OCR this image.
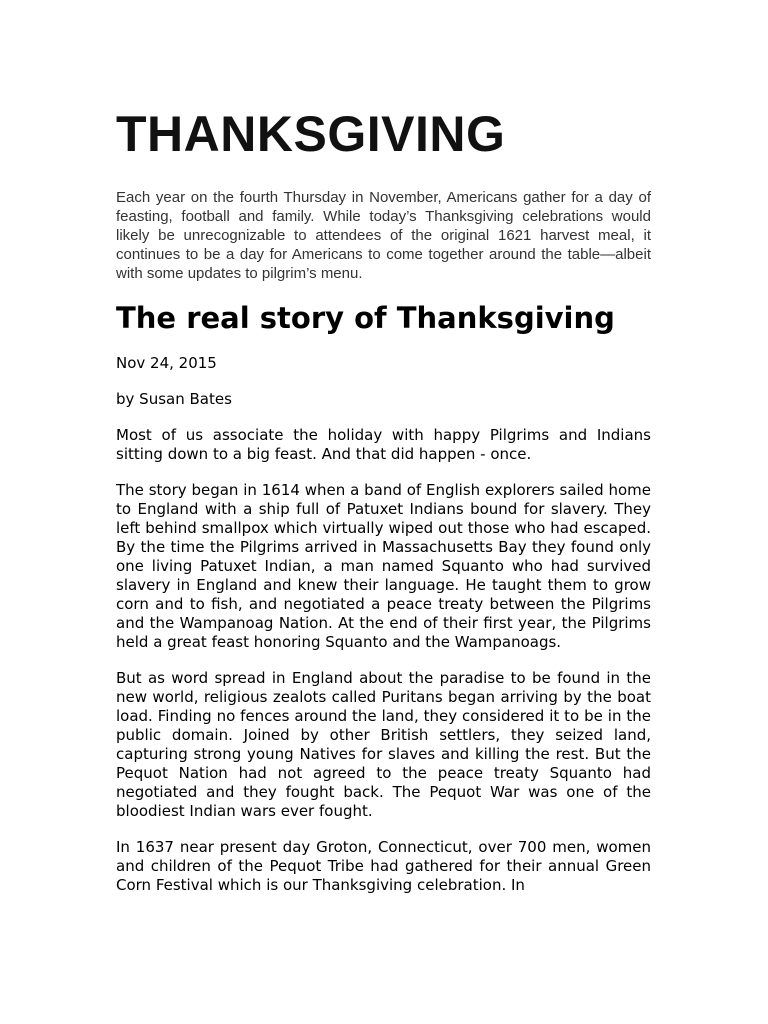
THANKSGIVING

Each year on the fourth Thursday in November, Americans gather for a day of feasting, football and family. While today’s Thanksgiving celebrations would likely be unrecognizable to attendees of the original 1621 harvest meal, it continues to be a day for Americans to come together around the table—albeit with some updates to pilgrim’s menu.

The real story of Thanksgiving

Nov 24, 2015

by Susan Bates

Most of us associate the holiday with happy Pilgrims and Indians sitting down to a big feast. And that did happen - once.

The story began in 1614 when a band of English explorers sailed home to England with a ship full of Patuxet Indians bound for slavery. They left behind smallpox which virtually wiped out those who had escaped. By the time the Pilgrims arrived in Massachusetts Bay they found only one living Patuxet Indian, a man named Squanto who had survived slavery in England and knew their language. He taught them to grow corn and to fish, and negotiated a peace treaty between the Pilgrims and the Wampanoag Nation. At the end of their first year, the Pilgrims held a great feast honoring Squanto and the Wampanoags.

But as word spread in England about the paradise to be found in the new world, religious zealots called Puritans began arriving by the boat load. Finding no fences around the land, they considered it to be in the public domain. Joined by other British settlers, they seized land, capturing strong young Natives for slaves and killing the rest. But the Pequot Nation had not agreed to the peace treaty Squanto had negotiated and they fought back. The Pequot War was one of the bloodiest Indian wars ever fought.

In 1637 near present day Groton, Connecticut, over 700 men, women and children of the Pequot Tribe had gathered for their annual Green Corn Festival which is our Thanksgiving celebration. In
